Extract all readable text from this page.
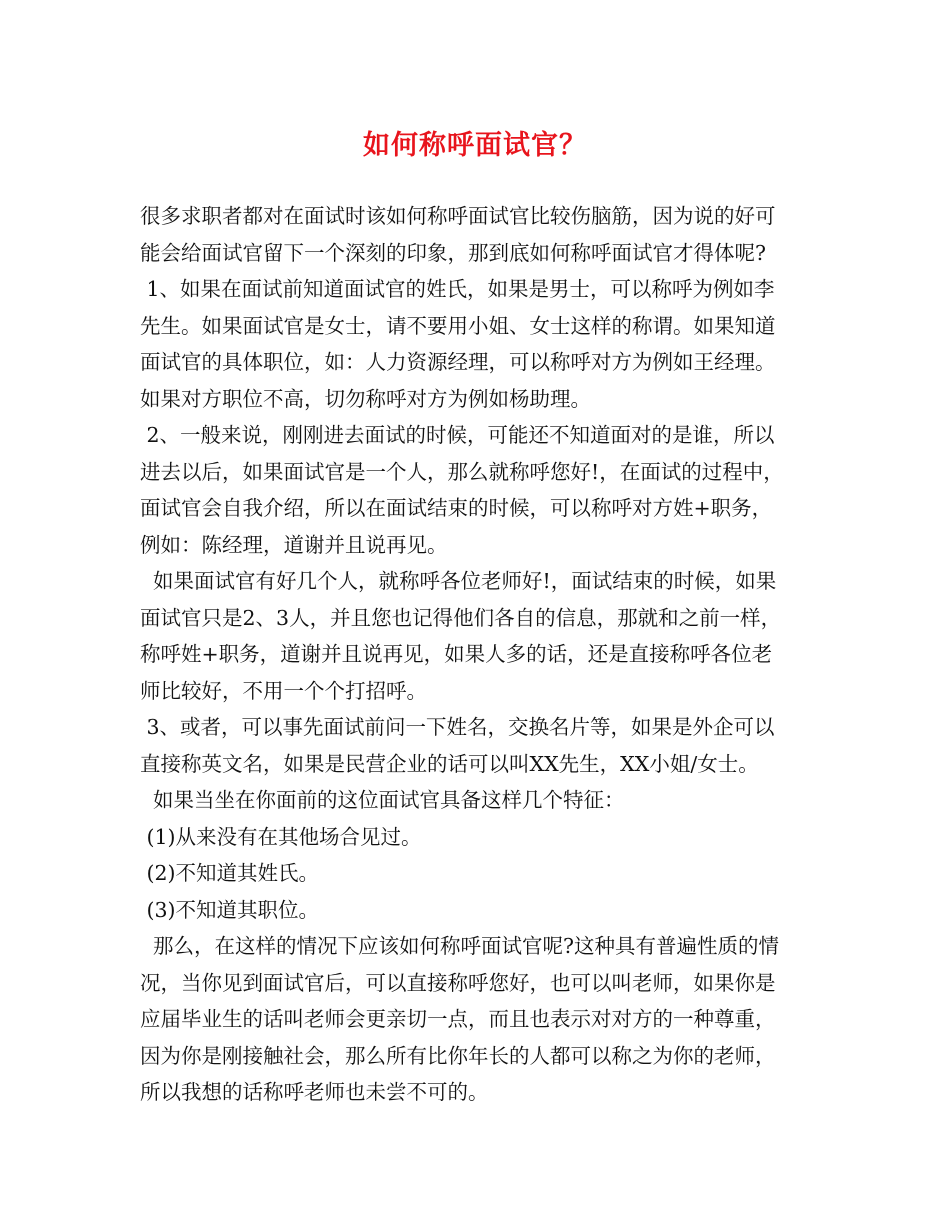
如何称呼面试官？
很多求职者都对在面试时该如何称呼面试官比较伤脑筋，因为说的好可
能会给面试官留下一个深刻的印象，那到底如何称呼面试官才得体呢?
1、如果在面试前知道面试官的姓氏，如果是男士，可以称呼为例如李
先生。如果面试官是女士，请不要用小姐、女士这样的称谓。如果知道
面试官的具体职位，如：人力资源经理，可以称呼对方为例如王经理。
如果对方职位不高，切勿称呼对方为例如杨助理。
2、一般来说，刚刚进去面试的时候，可能还不知道面对的是谁，所以
进去以后，如果面试官是一个人，那么就称呼您好!，在面试的过程中，
面试官会自我介绍，所以在面试结束的时候，可以称呼对方姓+职务，
例如：陈经理，道谢并且说再见。
如果面试官有好几个人，就称呼各位老师好!，面试结束的时候，如果
面试官只是2、3人，并且您也记得他们各自的信息，那就和之前一样，
称呼姓+职务，道谢并且说再见，如果人多的话，还是直接称呼各位老
师比较好，不用一个个打招呼。
3、或者，可以事先面试前问一下姓名，交换名片等，如果是外企可以
直接称英文名，如果是民营企业的话可以叫XX先生，XX小姐/女士。
如果当坐在你面前的这位面试官具备这样几个特征：
(1)从来没有在其他场合见过。
(2)不知道其姓氏。
(3)不知道其职位。
那么，在这样的情况下应该如何称呼面试官呢?这种具有普遍性质的情
况，当你见到面试官后，可以直接称呼您好，也可以叫老师，如果你是
应届毕业生的话叫老师会更亲切一点，而且也表示对对方的一种尊重，
因为你是刚接触社会，那么所有比你年长的人都可以称之为你的老师，
所以我想的话称呼老师也未尝不可的。
